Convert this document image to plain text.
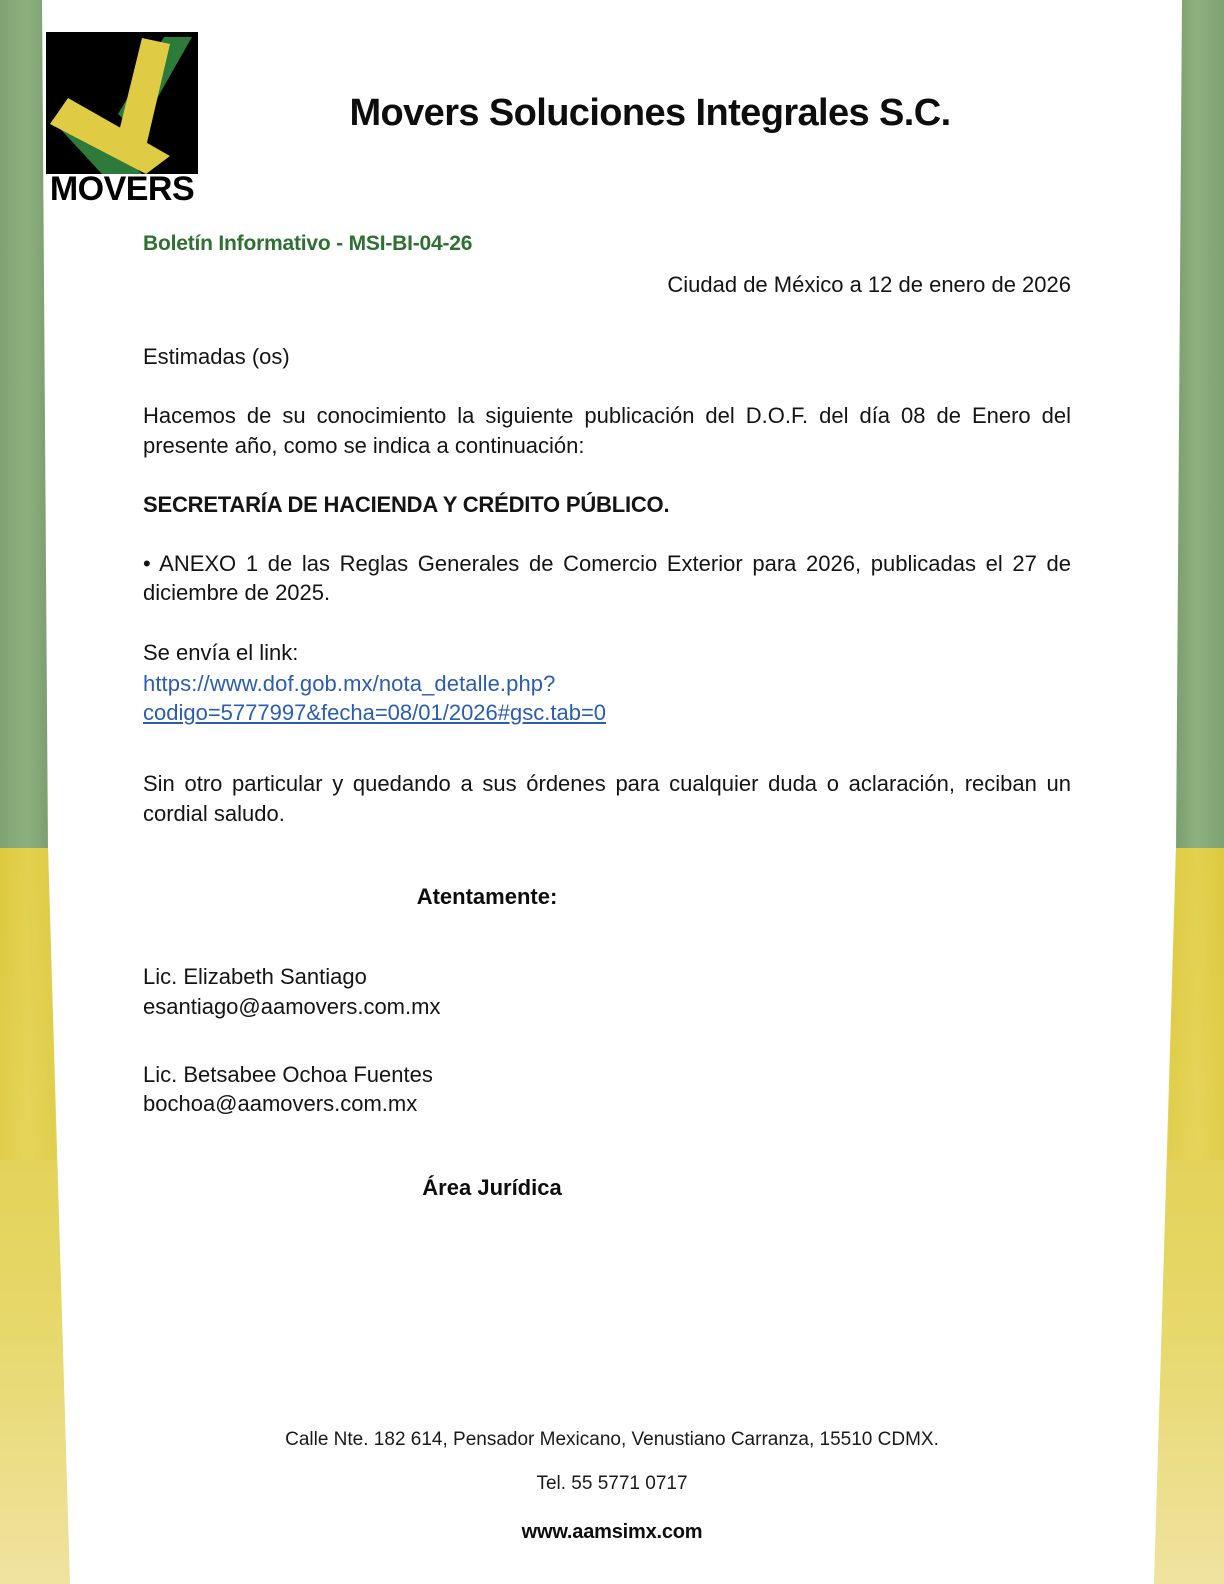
MOVERS
Movers Soluciones Integrales S.C.

Boletín Informativo - MSI-BI-04-26

Ciudad de México a 12 de enero de 2026

Estimadas (os)

Hacemos de su conocimiento la siguiente publicación del D.O.F. del día 08 de Enero del presente año, como se indica a continuación:

SECRETARÍA DE HACIENDA Y CRÉDITO PÚBLICO.

• ANEXO 1 de las Reglas Generales de Comercio Exterior para 2026, publicadas el 27 de diciembre de 2025.

Se envía el link:

https://www.dof.gob.mx/nota_detalle.php?
codigo=5777997&fecha=08/01/2026#gsc.tab=0

Sin otro particular y quedando a sus órdenes para cualquier duda o aclaración, reciban un cordial saludo.

Atentamente:

Lic. Elizabeth Santiago
esantiago@aamovers.com.mx
Lic. Betsabee Ochoa Fuentes
bochoa@aamovers.com.mx

Área Jurídica

Calle Nte. 182 614, Pensador Mexicano, Venustiano Carranza, 15510 CDMX.

Tel. 55 5771 0717

www.aamsimx.com
